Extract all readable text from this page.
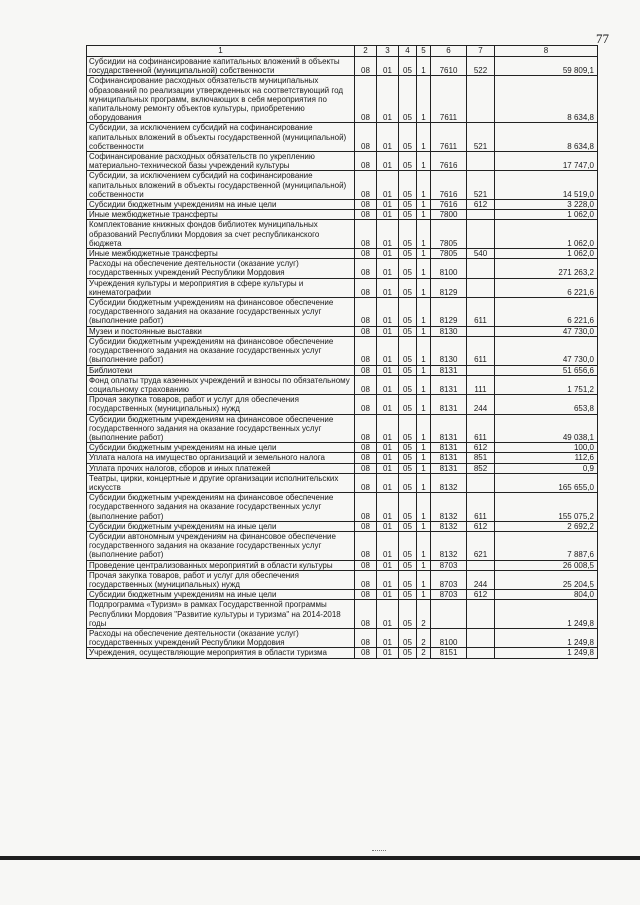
77
1	2	3	4	5	6	7	8
Субсидии на софинансирование капитальных вложений в объекты государственной (муниципальной) собственности	08	01	05	1	7610	522	59 809,1
Софинансирование расходных обязательств муниципальных образований по реализации утвержденных на соответствующий год муниципальных программ, включающих в себя мероприятия по капитальному ремонту объектов культуры, приобретению оборудования	08	01	05	1	7611		8 634,8
Субсидии, за исключением субсидий на софинансирование капитальных вложений в объекты государственной (муниципальной) собственности	08	01	05	1	7611	521	8 634,8
Софинансирование расходных обязательств по укреплению материально-технической базы учреждений культуры	08	01	05	1	7616		17 747,0
Субсидии, за исключением субсидий на софинансирование капитальных вложений в объекты государственной (муниципальной) собственности	08	01	05	1	7616	521	14 519,0
Субсидии бюджетным учреждениям на иные цели	08	01	05	1	7616	612	3 228,0
Иные межбюджетные трансферты	08	01	05	1	7800		1 062,0
Комплектование книжных фондов библиотек муниципальных образований Республики Мордовия за счет республиканского бюджета	08	01	05	1	7805		1 062,0
Иные межбюджетные трансферты	08	01	05	1	7805	540	1 062,0
Расходы на обеспечение деятельности (оказание услуг) государственных учреждений Республики Мордовия	08	01	05	1	8100		271 263,2
Учреждения культуры и мероприятия в сфере культуры и кинематографии	08	01	05	1	8129		6 221,6
Субсидии бюджетным учреждениям на финансовое обеспечение государственного задания на оказание государственных услуг (выполнение работ)	08	01	05	1	8129	611	6 221,6
Музеи и постоянные выставки	08	01	05	1	8130		47 730,0
Субсидии бюджетным учреждениям на финансовое обеспечение государственного задания на оказание государственных услуг (выполнение работ)	08	01	05	1	8130	611	47 730,0
Библиотеки	08	01	05	1	8131		51 656,6
Фонд оплаты труда казенных учреждений и взносы по обязательному социальному страхованию	08	01	05	1	8131	111	1 751,2
Прочая закупка товаров, работ и услуг для обеспечения государственных (муниципальных) нужд	08	01	05	1	8131	244	653,8
Субсидии бюджетным учреждениям на финансовое обеспечение государственного задания на оказание государственных услуг (выполнение работ)	08	01	05	1	8131	611	49 038,1
Субсидии бюджетным учреждениям на иные цели	08	01	05	1	8131	612	100,0
Уплата налога на имущество организаций и земельного налога	08	01	05	1	8131	851	112,6
Уплата прочих налогов, сборов и иных платежей	08	01	05	1	8131	852	0,9
Театры, цирки, концертные и другие организации исполнительских искусств	08	01	05	1	8132		165 655,0
Субсидии бюджетным учреждениям на финансовое обеспечение государственного задания на оказание государственных услуг (выполнение работ)	08	01	05	1	8132	611	155 075,2
Субсидии бюджетным учреждениям на иные цели	08	01	05	1	8132	612	2 692,2
Субсидии автономным учреждениям на финансовое обеспечение государственного задания на оказание государственных услуг (выполнение работ)	08	01	05	1	8132	621	7 887,6
Проведение централизованных мероприятий в области культуры	08	01	05	1	8703		26 008,5
Прочая закупка товаров, работ и услуг для обеспечения государственных (муниципальных) нужд	08	01	05	1	8703	244	25 204,5
Субсидии бюджетным учреждениям на иные цели	08	01	05	1	8703	612	804,0
Подпрограмма «Туризм» в рамках Государственной программы Республики Мордовия "Развитие культуры и туризма" на 2014-2018 годы	08	01	05	2			1 249,8
Расходы на обеспечение деятельности (оказание услуг) государственных учреждений Республики Мордовия	08	01	05	2	8100		1 249,8
Учреждения, осуществляющие мероприятия в области туризма	08	01	05	2	8151		1 249,8
